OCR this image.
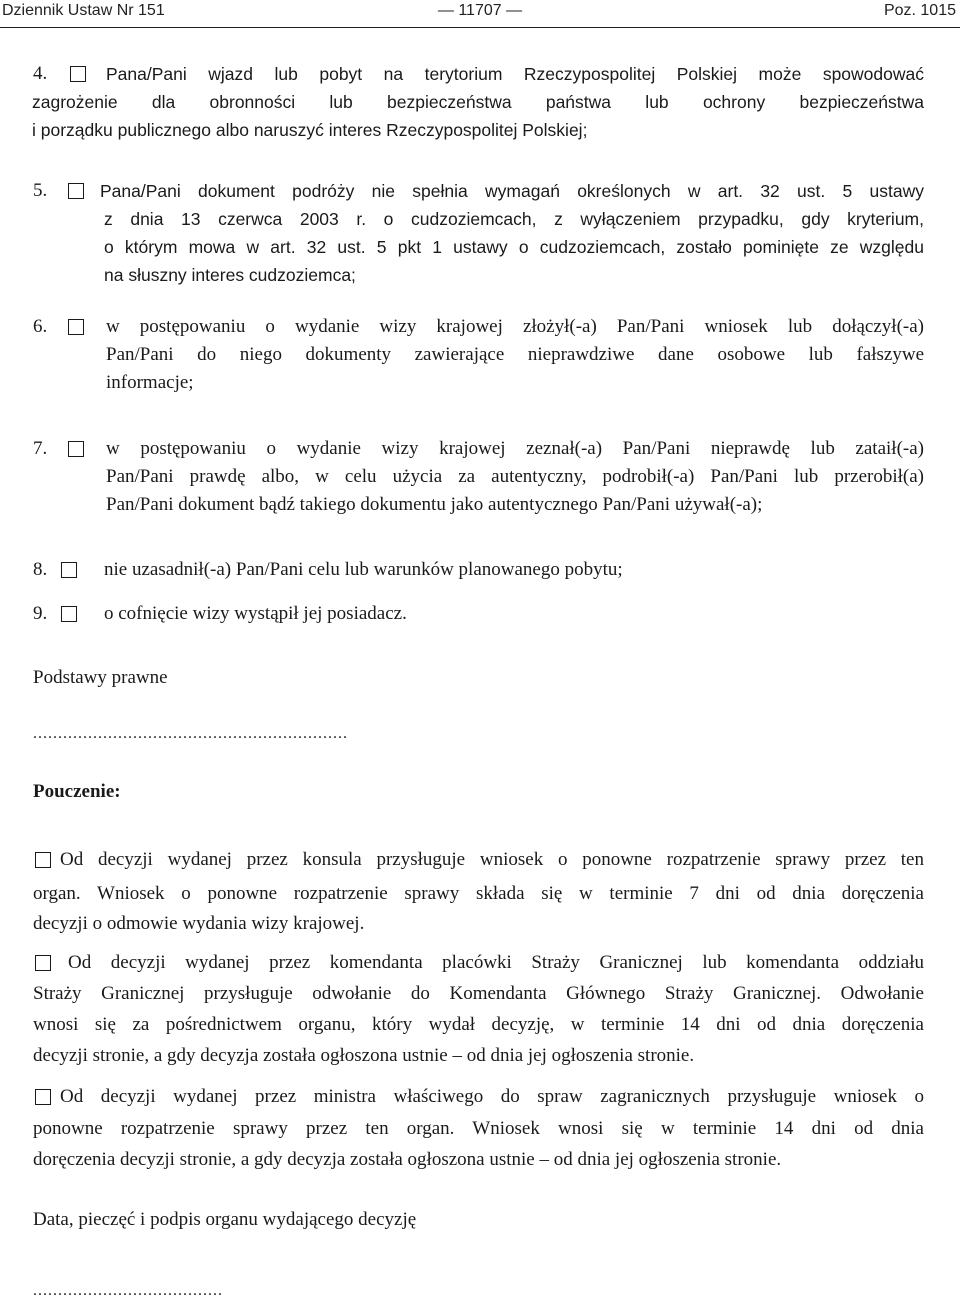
Dziennik Ustaw Nr 151	— 11707 —	Poz. 1015
4.	Pana/Pani wjazd lub pobyt na terytorium Rzeczypospolitej Polskiej może spowodować
zagrożenie dla obronności lub bezpieczeństwa państwa lub ochrony bezpieczeństwa
i porządku publicznego albo naruszyć interes Rzeczypospolitej Polskiej;
5.	Pana/Pani dokument podróży nie spełnia wymagań określonych w art. 32 ust. 5 ustawy
z dnia 13 czerwca 2003 r. o cudzoziemcach, z wyłączeniem przypadku, gdy kryterium,
o którym mowa w art. 32 ust. 5 pkt 1 ustawy o cudzoziemcach, zostało pominięte ze względu
na słuszny interes cudzoziemca;
6.	w postępowaniu o wydanie wizy krajowej złożył(-a) Pan/Pani wniosek lub dołączył(-a)
Pan/Pani do niego dokumenty zawierające nieprawdziwe dane osobowe lub fałszywe
informacje;
7.	w postępowaniu o wydanie wizy krajowej zeznał(-a) Pan/Pani nieprawdę lub zataił(-a)
Pan/Pani prawdę albo, w celu użycia za autentyczny, podrobił(-a) Pan/Pani lub przerobił(a)
Pan/Pani dokument bądź takiego dokumentu jako autentycznego Pan/Pani używał(-a);
8.	nie uzasadnił(-a) Pan/Pani celu lub warunków planowanego pobytu;
9.	o cofnięcie wizy wystąpił jej posiadacz.
Podstawy prawne
...............................................................
Pouczenie:
Od decyzji wydanej przez konsula przysługuje wniosek o ponowne rozpatrzenie sprawy przez ten
organ. Wniosek o ponowne rozpatrzenie sprawy składa się w terminie 7 dni od dnia doręczenia
decyzji o odmowie wydania wizy krajowej.
Od decyzji wydanej przez komendanta placówki Straży Granicznej lub komendanta oddziału
Straży Granicznej przysługuje odwołanie do Komendanta Głównego Straży Granicznej. Odwołanie
wnosi się za pośrednictwem organu, który wydał decyzję, w terminie 14 dni od dnia doręczenia
decyzji stronie, a gdy decyzja została ogłoszona ustnie – od dnia jej ogłoszenia stronie.
Od decyzji wydanej przez ministra właściwego do spraw zagranicznych przysługuje wniosek o
ponowne rozpatrzenie sprawy przez ten organ. Wniosek wnosi się w terminie 14 dni od dnia
doręczenia decyzji stronie, a gdy decyzja została ogłoszona ustnie – od dnia jej ogłoszenia stronie.
Data, pieczęć i podpis organu wydającego decyzję
......................................
